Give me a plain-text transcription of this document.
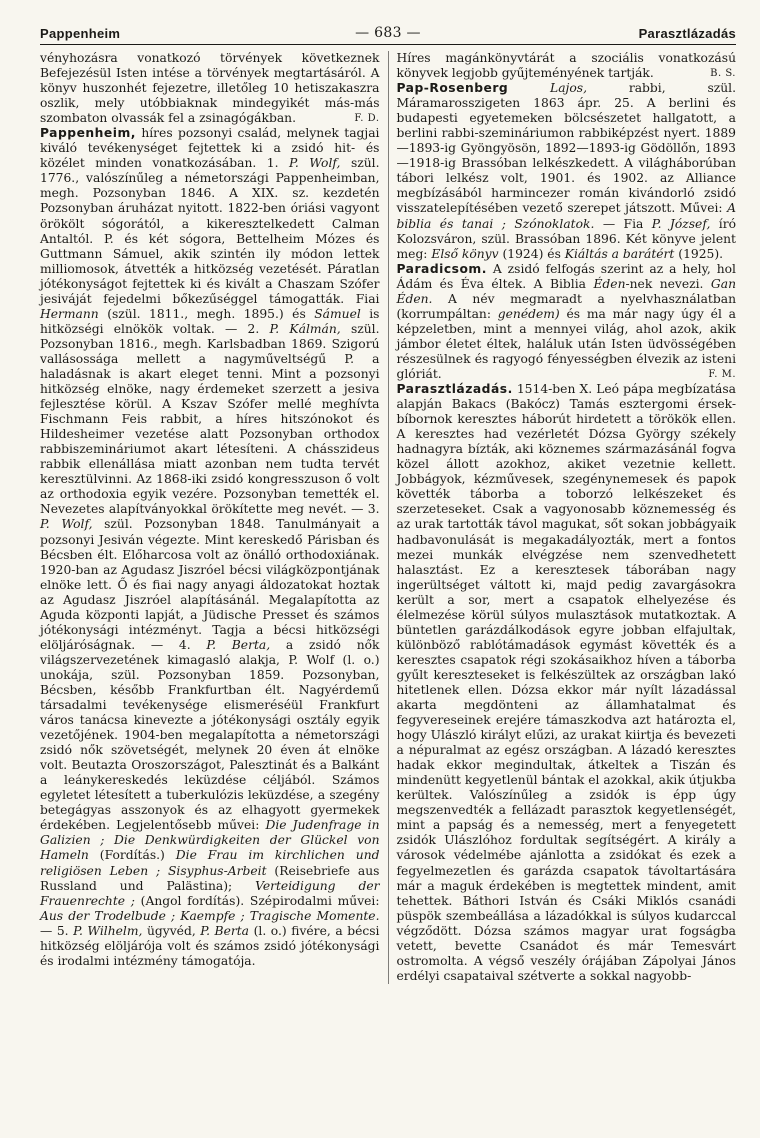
Pappenheim	— 683 —	Parasztlázadás

vényhozásra vonatkozó törvények következnek Befejezésül Isten intése a törvények megtartásáról. A könyv huszonhét fejezetre, illetőleg 10 hetiszakaszra oszlik, mely utóbbiaknak mindegyikét más-más szombaton olvassák fel a zsinagógákban.	F. D.

Pappenheim, híres pozsonyi család, melynek tagjai kiváló tevékenységet fejtettek ki a zsidó hit- és közélet minden vonatkozásában. 1. P. Wolf, szül. 1776., valószínűleg a németországi Pappenheimban, megh. Pozsonyban 1846. A XIX. sz. kezdetén Pozsonyban áruházat nyitott. 1822-ben óriási vagyont örökölt sógorától, a kikeresztelkedett Calman Antaltól. P. és két sógora, Bettelheim Mózes és Guttmann Sámuel, akik szintén ily módon lettek milliomosok, átvették a hitközség vezetését. Páratlan jótékonyságot fejtettek ki és kivált a Chaszam Szófer jesiváját fejedelmi bőkezűséggel támogatták. Fiai Hermann (szül. 1811., megh. 1895.) és Sámuel is hitközségi elnökök voltak. — 2. P. Kálmán, szül. Pozsonyban 1816., megh. Karlsbadban 1869. Szigorú vallásossága mellett a nagyműveltségű P. a haladásnak is akart eleget tenni. Mint a pozsonyi hitközség elnöke, nagy érdemeket szerzett a jesiva fejlesztése körül. A Kszav Szófer mellé meghívta Fischmann Feis rabbit, a híres hitszónokot és Hildesheimer vezetése alatt Pozsonyban orthodox rabbiszemináriumot akart létesíteni. A chásszideus rabbik ellenállása miatt azonban nem tudta tervét keresztülvinni. Az 1868-iki zsidó kongresszuson ő volt az orthodoxia egyik vezére. Pozsonyban temették el. Nevezetes alapítványokkal örökítette meg nevét. — 3. P. Wolf, szül. Pozsonyban 1848. Tanulmányait a pozsonyi Jesiván végezte. Mint kereskedő Párisban és Bécsben élt. Előharcosa volt az önálló orthodoxiának. 1920-ban az Agudasz Jiszróel bécsi világközpontjának elnöke lett. Ő és fiai nagy anyagi áldozatokat hoztak az Agudasz Jiszróel alapításánál. Megalapította az Aguda központi lapját, a Jüdische Presset és számos jótékonysági intézményt. Tagja a bécsi hitközségi elöljáróságnak. — 4. P. Berta, a zsidó nők világszervezetének kimagasló alakja, P. Wolf (l. o.) unokája, szül. Pozsonyban 1859. Pozsonyban, Bécsben, később Frankfurtban élt. Nagyérdemű társadalmi tevékenysége elismeréséül Frankfurt város tanácsa kinevezte a jótékonysági osztály egyik vezetőjének. 1904-ben megalapította a németországi zsidó nők szövetségét, melynek 20 éven át elnöke volt. Beutazta Oroszországot, Palesztinát és a Balkánt a leánykereskedés leküzdése céljából. Számos egyletet létesített a tuberkulózis leküzdése, a szegény betegágyas asszonyok és az elhagyott gyermekek érdekében. Legjelentősebb művei: Die Judenfrage in Galizien ; Die Denkwürdigkeiten der Glückel von Hameln (Fordítás.) Die Frau im kirchlichen und religiösen Leben ; Sisyphus-Arbeit (Reisebriefe aus Russland und Palästina); Verteidigung der Frauenrechte ; (Angol fordítás). Szépirodalmi művei: Aus der Trodelbude ; Kaempfe ; Tragische Momente. — 5. P. Wilhelm, ügyvéd, P. Berta (l. o.) fivére, a bécsi hitközség elöljárója volt és számos zsidó jótékonysági és irodalmi intézmény támogatója.

Híres magánkönyvtárát a szociális vonatkozású könyvek legjobb gyűjteményének tartják.	B. S.

Pap-Rosenberg Lajos, rabbi, szül. Máramarosszigeten 1863 ápr. 25. A berlini és budapesti egyetemeken bölcsészetet hallgatott, a berlini rabbi-szemináriumon rabbiképzést nyert. 1889—1893-ig Gyöngyösön, 1892—1893-ig Gödöllőn, 1893—1918-ig Brassóban lelkészkedett. A világháborúban tábori lelkész volt, 1901. és 1902. az Alliance megbízásából harmincezer román kivándorló zsidó visszatelepítésében vezető szerepet játszott. Művei: A biblia és tanai ; Szónoklatok. — Fia P. József, író Kolozsváron, szül. Brassóban 1896. Két könyve jelent meg: Első könyv (1924) és Kiáltás a barátért (1925).

Paradicsom. A zsidó felfogás szerint az a hely, hol Ádám és Éva éltek. A Biblia Éden-nek nevezi. Gan Éden. A név megmaradt a nyelvhasználatban (korrumpáltan: genédem) és ma már nagy úgy él a képzeletben, mint a mennyei világ, ahol azok, akik jámbor életet éltek, haláluk után Isten üdvösségében részesülnek és ragyogó fényességben élvezik az isteni glóriát.	F. M.

Parasztlázadás. 1514-ben X. Leó pápa megbízatása alapján Bakacs (Bakócz) Tamás esztergomi érsek-bíbornok keresztes háborút hirdetett a törökök ellen. A keresztes had vezérletét Dózsa György székely hadnagyra bízták, aki köznemes származásánál fogva közel állott azokhoz, akiket vezetnie kellett. Jobbágyok, kézművesek, szegénynemesek és papok követték táborba a toborzó lelkészeket és szerzeteseket. Csak a vagyonosabb köznemesség és az urak tartották távol magukat, sőt sokan jobbágyaik hadbavonulását is megakadályozták, mert a fontos mezei munkák elvégzése nem szenvedhetett halasztást. Ez a keresztesek táborában nagy ingerültséget váltott ki, majd pedig zavargásokra került a sor, mert a csapatok elhelyezése és élelmezése körül súlyos mulasztások mutatkoztak. A büntetlen garázdálkodások egyre jobban elfajultak, különböző rablótámadások egymást követték és a keresztes csapatok régi szokásaikhoz híven a táborba gyűlt kereszteseket is felkészültek az országban lakó hitetlenek ellen. Dózsa ekkor már nyílt lázadással akarta megdönteni az államhatalmat és fegyvereseinek erejére támaszkodva azt határozta el, hogy Ulászló királyt elűzi, az urakat kiirtja és bevezeti a népuralmat az egész országban. A lázadó keresztes hadak ekkor megindultak, átkeltek a Tiszán és mindenütt kegyetlenül bántak el azokkal, akik útjukba kerültek. Valószínűleg a zsidók is épp úgy megszenvedték a fellázadt parasztok kegyetlenségét, mint a papság és a nemesség, mert a fenyegetett zsidók Ulászlóhoz fordultak segítségért. A király a városok védelmébe ajánlotta a zsidókat és ezek a fegyelmezetlen és garázda csapatok távoltartására már a maguk érdekében is megtettek mindent, amit tehettek. Báthori István és Csáki Miklós csanádi püspök szembeállása a lázadókkal is súlyos kudarccal végződött. Dózsa számos magyar urat fogságba vetett, bevette Csanádot és már Temesvárt ostromolta. A végső veszély órájában Zápolyai János erdélyi csapataival szétverte a sokkal nagyobb-
